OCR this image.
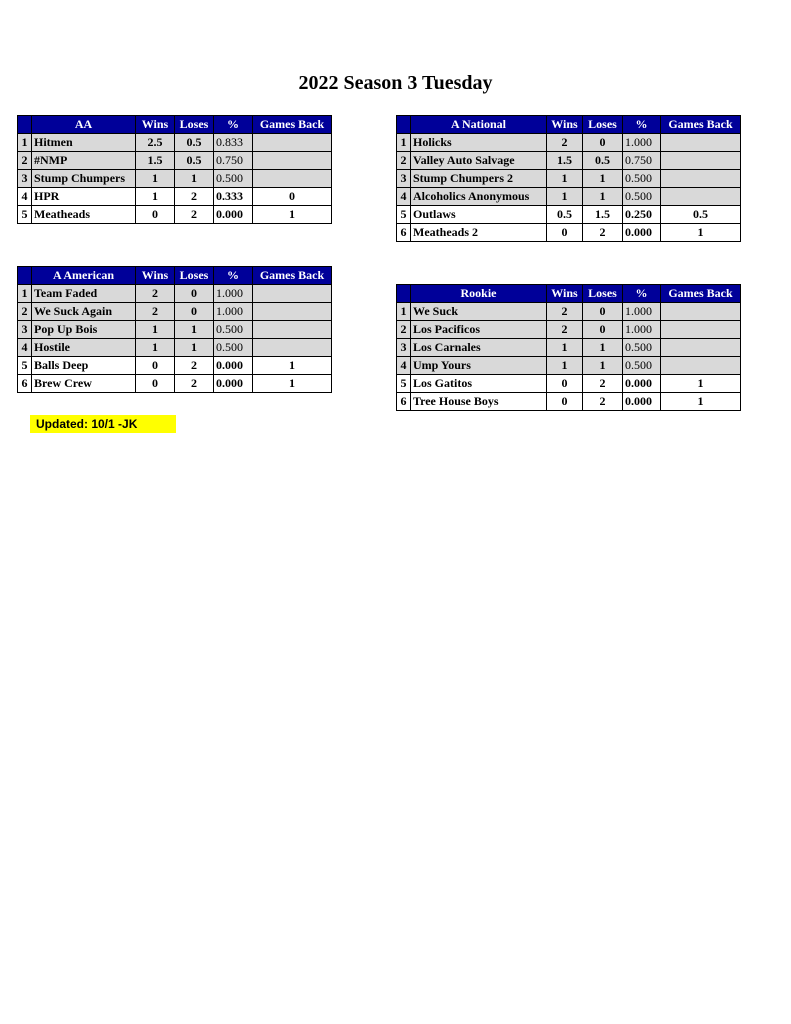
2022 Season 3 Tuesday
	AA	Wins	Loses	%	Games Back
1	Hitmen	2.5	0.5	0.833	
2	#NMP	1.5	0.5	0.750	
3	Stump Chumpers	1	1	0.500	
4	HPR	1	2	0.333	0
5	Meatheads	0	2	0.000	1
	A National	Wins	Loses	%	Games Back
1	Holicks	2	0	1.000	
2	Valley Auto Salvage	1.5	0.5	0.750	
3	Stump Chumpers 2	1	1	0.500	
4	Alcoholics Anonymous	1	1	0.500	
5	Outlaws	0.5	1.5	0.250	0.5
6	Meatheads 2	0	2	0.000	1
	A American	Wins	Loses	%	Games Back
1	Team Faded	2	0	1.000	
2	We Suck Again	2	0	1.000	
3	Pop Up Bois	1	1	0.500	
4	Hostile	1	1	0.500	
5	Balls Deep	0	2	0.000	1
6	Brew Crew	0	2	0.000	1
	Rookie	Wins	Loses	%	Games Back
1	We Suck	2	0	1.000	
2	Los Pacificos	2	0	1.000	
3	Los Carnales	1	1	0.500	
4	Ump Yours	1	1	0.500	
5	Los Gatitos	0	2	0.000	1
6	Tree House Boys	0	2	0.000	1
Updated: 10/1 -JK
